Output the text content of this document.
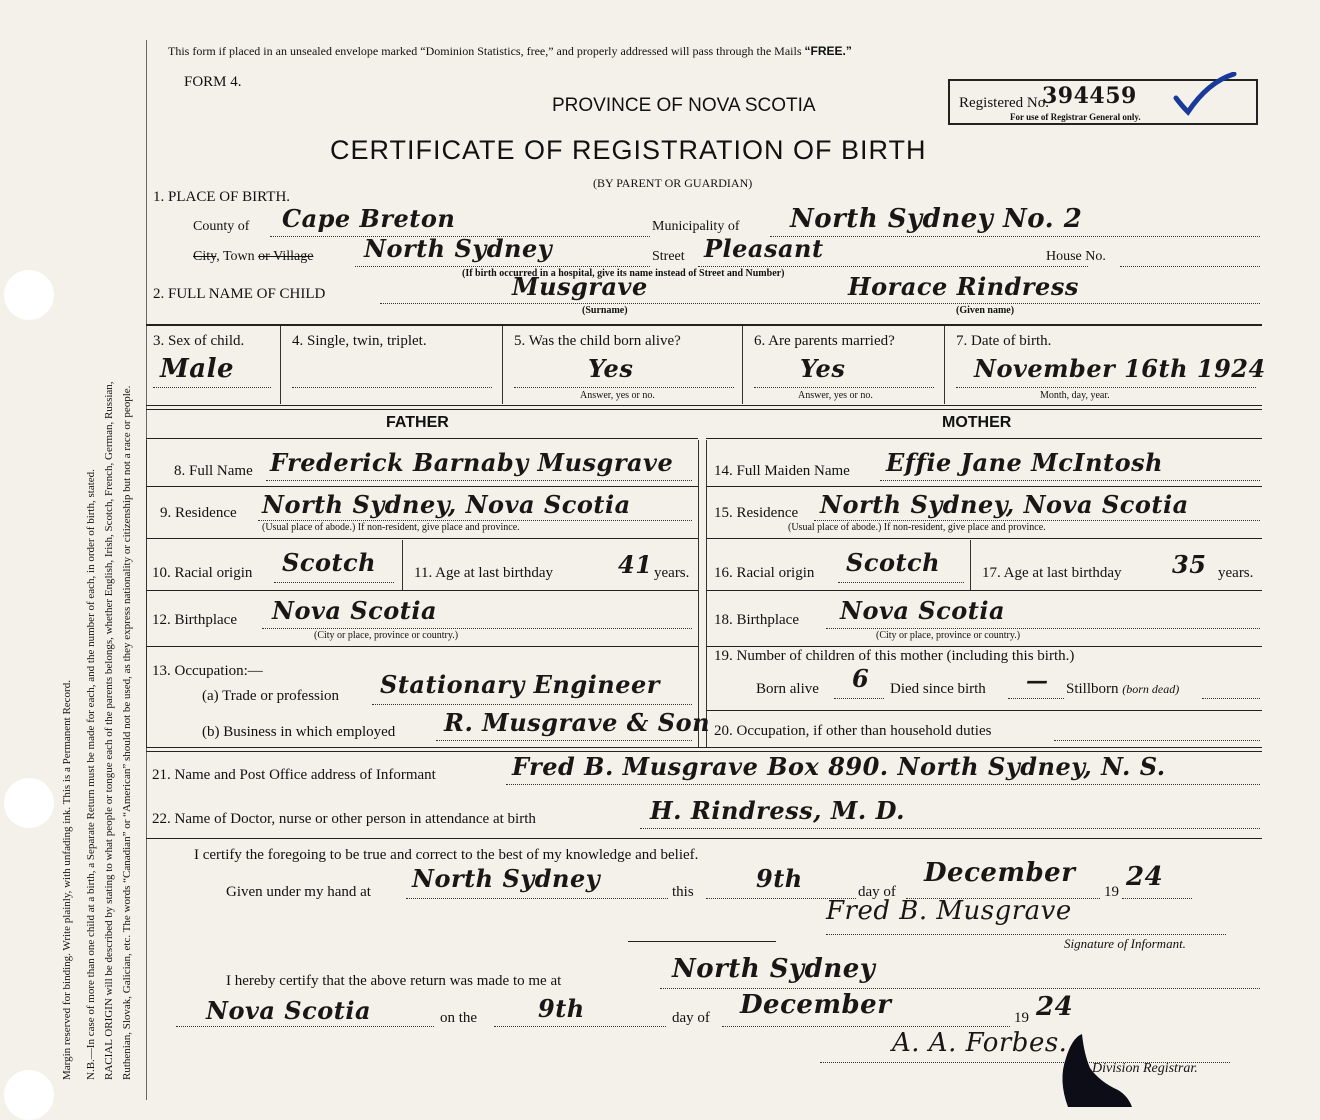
Margin reserved for binding. Write plainly, with unfading ink. This is a Permanent Record. N.B.—In case of more than one child at a birth, a Separate Return must be made for each, and the number of each, in order of birth, stated. RACIAL ORIGIN will be described by stating to what people or tongue each of the parents belongs, whether English, Irish, Scotch, French, German, Russian, Ruthenian, Slovak, Galician, etc. The words “Canadian” or “American” should not be used, as they express nationality or citizenship but not a race or people.
This form if placed in an unsealed envelope marked “Dominion Statistics, free,” and properly addressed will pass through the Mails “FREE.”
FORM 4.
PROVINCE OF NOVA SCOTIA	Registered No.
394459
For use of Registrar General only.
CERTIFICATE OF REGISTRATION OF BIRTH
(BY PARENT OR GUARDIAN)
1. PLACE OF BIRTH.
County of Cape Breton	Municipality of North Sydney No. 2
City, Town or Village North Sydney	Street Pleasant	House No.
(If birth occurred in a hospital, give its name instead of Street and Number)
2. FULL NAME OF CHILD	Musgrave	Horace Rindress
(Surname)	(Given name)
3. Sex of child.
Male
4. Single, twin, triplet.	5. Was the child born alive?
Yes
Answer, yes or no.
6. Are parents married?
Yes
Answer, yes or no.
7. Date of birth.
November 16th 1924
Month, day, year.
FATHER	MOTHER
8. Full Name Frederick Barnaby Musgrave
9. Residence North Sydney, Nova Scotia
(Usual place of abode.) If non-resident, give place and province.
10. Racial origin Scotch	11. Age at last birthday	41 years.
12. Birthplace Nova Scotia
(City or place, province or country.)
13. Occupation:—
(a) Trade or profession Stationary Engineer
(b) Business in which employed R. Musgrave & Son
14. Full Maiden Name Effie Jane McIntosh
15. Residence North Sydney, Nova Scotia
(Usual place of abode.) If non-resident, give place and province.
16. Racial origin Scotch	17. Age at last birthday 35 years.
18. Birthplace Nova Scotia
(City or place, province or country.)
19. Number of children of this mother (including this birth.)
Born alive 6 Died since birth — Stillborn (born dead)
20. Occupation, if other than household duties
21. Name and Post Office address of Informant	Fred B. Musgrave Box 890. North Sydney, N. S.
22. Name of Doctor, nurse or other person in attendance at birth	H. Rindress, M. D.
I certify the foregoing to be true and correct to the best of my knowledge and belief.
Given under my hand at North Sydney	this	9th	day of
December
19 24
Fred B. Musgrave
Signature of Informant.
I hereby certify that the above return was made to me at	North Sydney
Nova Scotia	on the	9th	day of December	19 24
A. A. Forbes.
Division Registrar.
